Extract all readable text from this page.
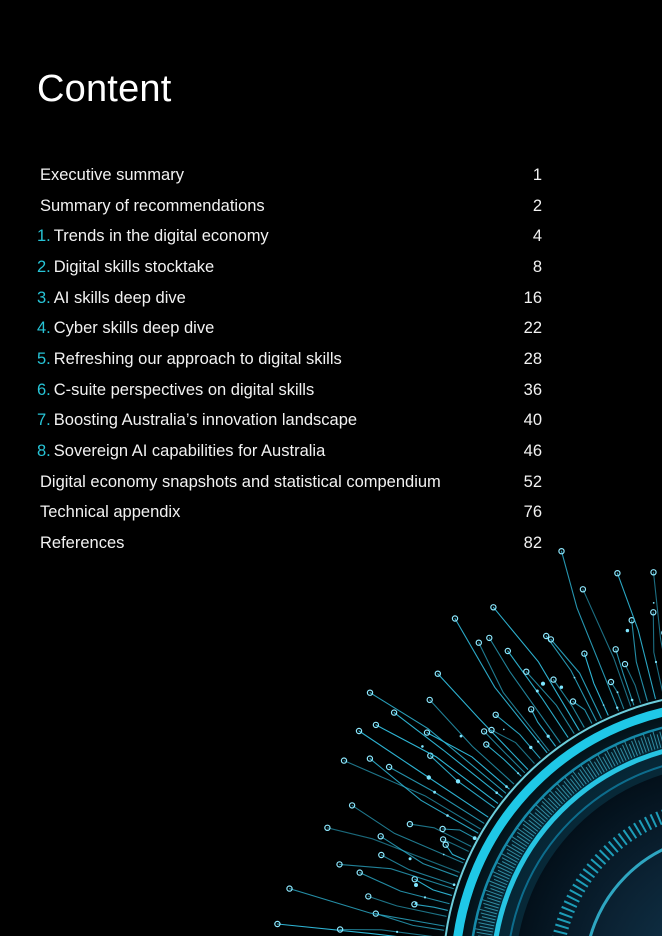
Content
Executive summary	1
Summary of recommendations	2
1. Trends in the digital economy	4
2. Digital skills stocktake	8
3. AI skills deep dive	16
4. Cyber skills deep dive	22
5. Refreshing our approach to digital skills	28
6. C-suite perspectives on digital skills	36
7. Boosting Australia’s innovation landscape	40
8. Sovereign AI capabilities for Australia	46
Digital economy snapshots and statistical compendium	52
Technical appendix	76
References	82
